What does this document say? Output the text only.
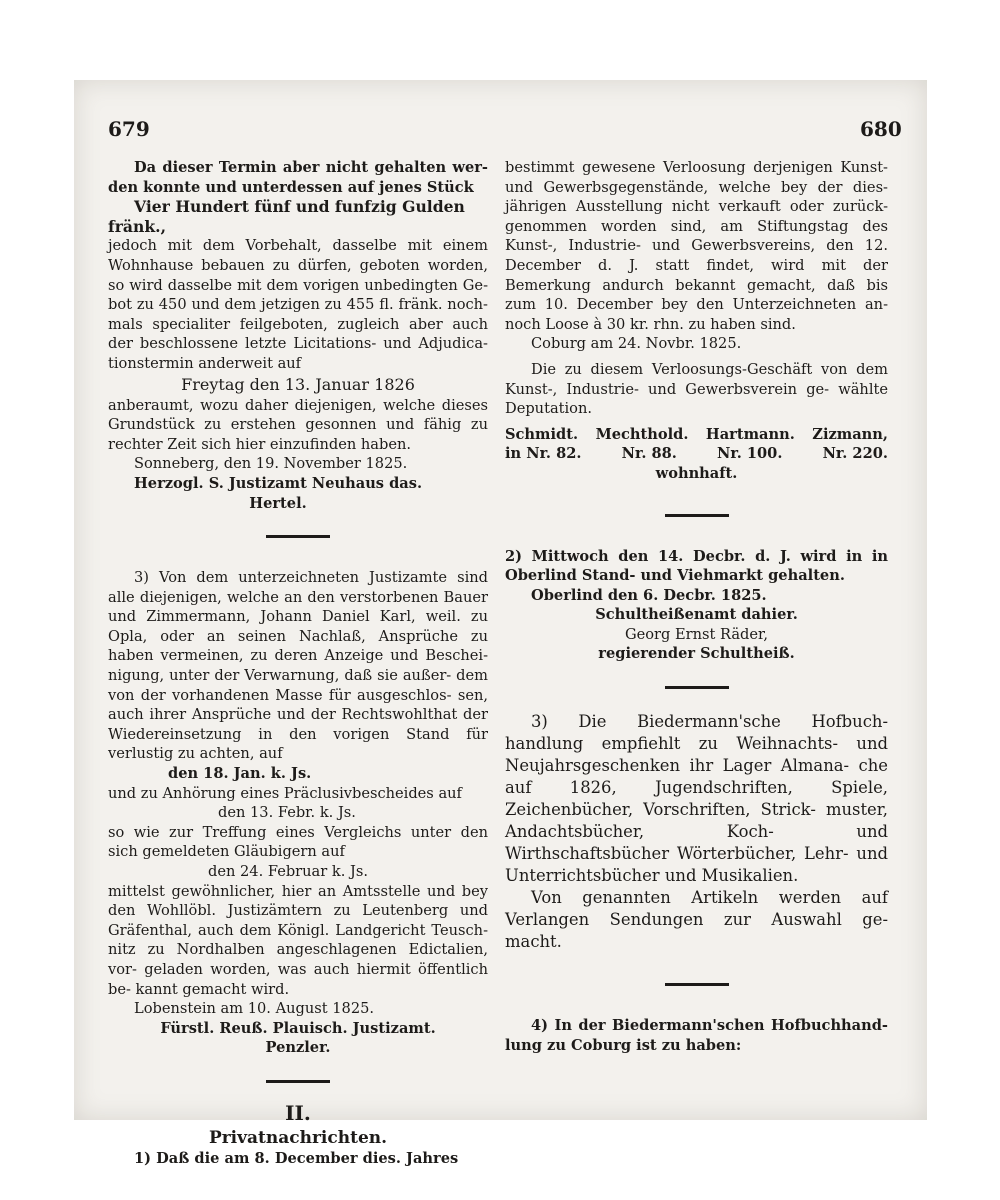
679	680

Da dieser Termin aber nicht gehalten wer- den konnte und unterdessen auf jenes Stück

Vier Hundert fünf und funfzig Gulden fränk.,

jedoch mit dem Vorbehalt, dasselbe mit einem Wohnhause bebauen zu dürfen, geboten worden, so wird dasselbe mit dem vorigen unbedingten Ge- bot zu 450 und dem jetzigen zu 455 fl. fränk. noch- mals specialiter feilgeboten, zugleich aber auch der beschlossene letzte Licitations- und Adjudica- tionstermin anderweit auf

Freytag den 13. Januar 1826

anberaumt, wozu daher diejenigen, welche dieses Grundstück zu erstehen gesonnen und fähig zu rechter Zeit sich hier einzufinden haben.

Sonneberg, den 19. November 1825.

Herzogl. S. Justizamt Neuhaus das.

Hertel.

3) Von dem unterzeichneten Justizamte sind alle diejenigen, welche an den verstorbenen Bauer und Zimmermann, Johann Daniel Karl, weil. zu Opla, oder an seinen Nachlaß, Ansprüche zu haben vermeinen, zu deren Anzeige und Beschei- nigung, unter der Verwarnung, daß sie außer- dem von der vorhandenen Masse für ausgeschlos- sen, auch ihrer Ansprüche und der Rechtswohlthat der Wiedereinsetzung in den vorigen Stand für verlustig zu achten, auf

den 18. Jan. k. Js.

und zu Anhörung eines Präclusivbescheides auf

den 13. Febr. k. Js.

so wie zur Treffung eines Vergleichs unter den sich gemeldeten Gläubigern auf

den 24. Februar k. Js.

mittelst gewöhnlicher, hier an Amtsstelle und bey den Wohllöbl. Justizämtern zu Leutenberg und Gräfenthal, auch dem Königl. Landgericht Teusch- nitz zu Nordhalben angeschlagenen Edictalien, vor- geladen worden, was auch hiermit öffentlich be- kannt gemacht wird.

Lobenstein am 10. August 1825.

Fürstl. Reuß. Plauisch. Justizamt.

Penzler.

II.

Privatnachrichten.

1) Daß die am 8. December dies. Jahres

bestimmt gewesene Verloosung derjenigen Kunst- und Gewerbsgegenstände, welche bey der dies- jährigen Ausstellung nicht verkauft oder zurück- genommen worden sind, am Stiftungstag des Kunst-, Industrie- und Gewerbsvereins, den 12. December d. J. statt findet, wird mit der Bemerkung andurch bekannt gemacht, daß bis zum 10. December bey den Unterzeichneten an- noch Loose à 30 kr. rhn. zu haben sind.

Coburg am 24. Novbr. 1825.

Die zu diesem Verloosungs-Geschäft von dem Kunst-, Industrie- und Gewerbsverein ge- wählte Deputation.

Schmidt. Mechthold. Hartmann. Zizmann,
in Nr. 82.	Nr. 88.	Nr. 100.	Nr. 220.

wohnhaft.

2) Mittwoch den 14. Decbr. d. J. wird in in Oberlind Stand- und Viehmarkt gehalten.

Oberlind den 6. Decbr. 1825.

Schultheißenamt dahier.

Georg Ernst Räder,

regierender Schultheiß.

3) Die Biedermann'sche Hofbuch- handlung empfiehlt zu Weihnachts- und Neujahrsgeschenken ihr Lager Almana- che auf 1826, Jugendschriften, Spiele, Zeichenbücher, Vorschriften, Strick- muster, Andachtsbücher, Koch- und Wirthschaftsbücher Wörterbücher, Lehr- und Unterrichtsbücher und Musikalien.

Von genannten Artikeln werden auf Verlangen Sendungen zur Auswahl ge- macht.

4) In der Biedermann'schen Hofbuchhand- lung zu Coburg ist zu haben:
